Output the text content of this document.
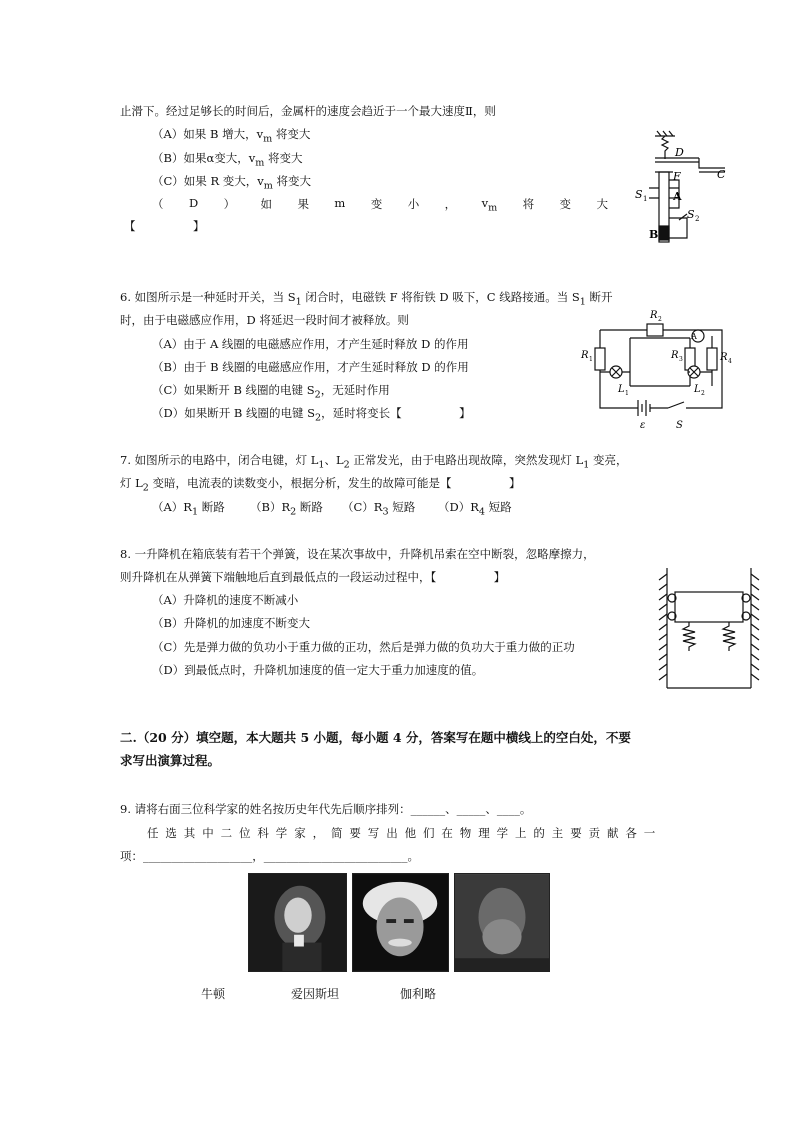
止滑下。经过足够长的时间后，金属杆的速度会趋近于一个最大速度Ⅱ，则
（A）如果 B 增大，$v_m$ 将变大
（B）如果α变大，$v_m$ 将变大
（C）如果 R 变大，$v_m$ 将变大
（ D ） 如 果 m 变 小 ， $v_m$ 将 变 大
【　　　　　】
D
F	C
S 1 A
S 2
B
6. 如图所示是一种延时开关，当 $S_1$ 闭合时，电磁铁 F 将衔铁 D 吸下，C 线路接通。当 $S_1$ 断开
时，由于电磁感应作用，D 将延迟一段时间才被释放。则
（A）由于 A 线圈的电磁感应作用，才产生延时释放 D 的作用
（B）由于 B 线圈的电磁感应作用，才产生延时释放 D 的作用
（C）如果断开 B 线圈的电键 $S_2$，无延时作用
（D）如果断开 B 线圈的电键 $S_2$，延时将变长【　　　　　】
A
R 2
R 1	R 3	R 4
L 1	L 2
ε	S
7. 如图所示的电路中，闭合电键，灯 $L_1$、$L_2$ 正常发光，由于电路出现故障，突然发现灯 $L_1$ 变亮，
灯 $L_2$ 变暗，电流表的读数变小，根据分析，发生的故障可能是【　　　　　】
$(A)R_1$ 断路 $(B)R_2$ 断路 $(C)R_3$ 短路 $(D)R_4$ 短路
8. 一升降机在箱底装有若干个弹簧，设在某次事故中，升降机吊索在空中断裂，忽略摩擦力，
则升降机在从弹簧下端触地后直到最低点的一段运动过程中，【　　　　　】
（A）升降机的速度不断减小
（B）升降机的加速度不断变大
（C）先是弹力做的负功小于重力做的正功，然后是弹力做的负功大于重力做的正功
（D）到最低点时，升降机加速度的值一定大于重力加速度的值。
二.（20 分）填空题，本大题共 5 小题，每小题 4 分，答案写在题中横线上的空白处，不要
求写出演算过程。
9. 请将右面三位科学家的姓名按历史年代先后顺序排列：______、_____、____。
任选其中二位科学家，简要写出他们在物理学上的主要贡献各一
项：___________________，_________________________。
牛顿	爱因斯坦	伽利略
